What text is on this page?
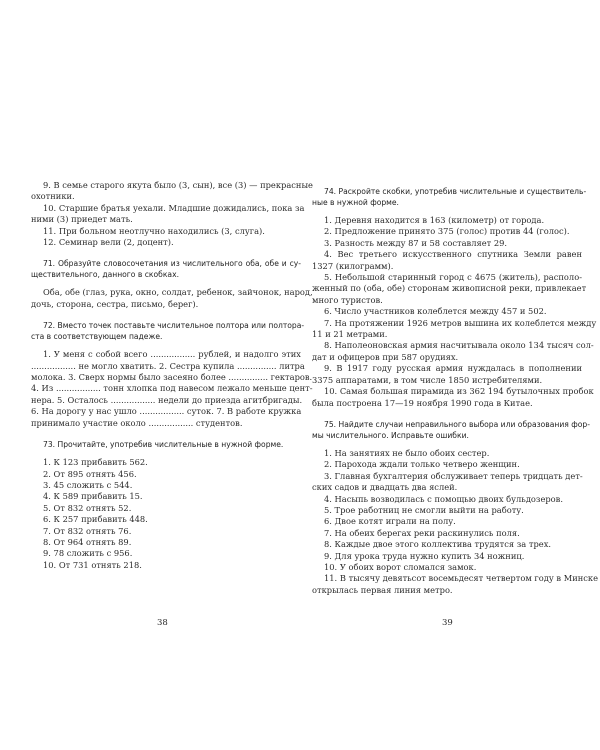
9. В семье старого якута было (3, сын), все (3) — прекрасные
охотники.
10. Старшие братья уехали. Младшие дожидались, пока за
ними (3) приедет мать.
11. При больном неотлучно находились (3, слуга).
12. Семинар вели (2, доцент).
71. Образуйте словосочетания из числительного оба, обе и су-
ществительного, данного в скобках.
Оба, обе (глаз, рука, окно, солдат, ребенок, зайчонок, народ,
дочь, сторона, сестра, письмо, берег).
72. Вместо точек поставьте числительное полтора или полтора-
ста в соответствующем падеже.
1. У меня с собой всего ................. рублей, и надолго этих
................. не могло хватить. 2. Сестра купила ............... литра
молока. 3. Сверх нормы было засеяно более ............... гектаров.
4. Из ................. тонн хлопка под навесом лежало меньше цент-
нера. 5. Осталось ................. недели до приезда агитбригады.
6. На дорогу у нас ушло ................. суток. 7. В работе кружка
принимало участие около ................. студентов.
73. Прочитайте, употребив числительные в нужной форме.
1. К 123 прибавить 562.
2. От 895 отнять 456.
3. 45 сложить с 544.
4. К 589 прибавить 15.
5. От 832 отнять 52.
6. К 257 прибавить 448.
7. От 832 отнять 76.
8. От 964 отнять 89.
9. 78 сложить с 956.
10. От 731 отнять 218.
38
74. Раскройте скобки, употребив числительные и существитель-
ные в нужной форме.
1. Деревня находится в 163 (километр) от города.
2. Предложение принято 375 (голос) против 44 (голос).
3. Разность между 87 и 58 составляет 29.
4. Вес третьего искусственного спутника Земли равен
1327 (килограмм).
5. Небольшой старинный город с 4675 (житель), располо-
женный по (оба, обе) сторонам живописной реки, привлекает
много туристов.
6. Число участников колеблется между 457 и 502.
7. На протяжении 1926 метров вышина их колеблется между
11 и 21 метрами.
8. Наполеоновская армия насчитывала около 134 тысяч сол-
дат и офицеров при 587 орудиях.
9. В 1917 году русская армия нуждалась в пополнении
3375 аппаратами, в том числе 1850 истребителями.
10. Самая большая пирамида из 362 194 бутылочных пробок
была построена 17—19 ноября 1990 года в Китае.
75. Найдите случаи неправильного выбора или образования фор-
мы числительного. Исправьте ошибки.
1. На занятиях не было обоих сестер.
2. Парохода ждали только четверо женщин.
3. Главная бухгалтерия обслуживает теперь тридцать дет-
ских садов и двадцать два яслей.
4. Насыпь возводилась с помощью двоих бульдозеров.
5. Трое работниц не смогли выйти на работу.
6. Двое котят играли на полу.
7. На обеих берегах реки раскинулись поля.
8. Каждые двое этого коллектива трудятся за трех.
9. Для урока труда нужно купить 34 ножниц.
10. У обоих ворот сломался замок.
11. В тысячу девятьсот восемьдесят четвертом году в Минске
открылась первая линия метро.
39
